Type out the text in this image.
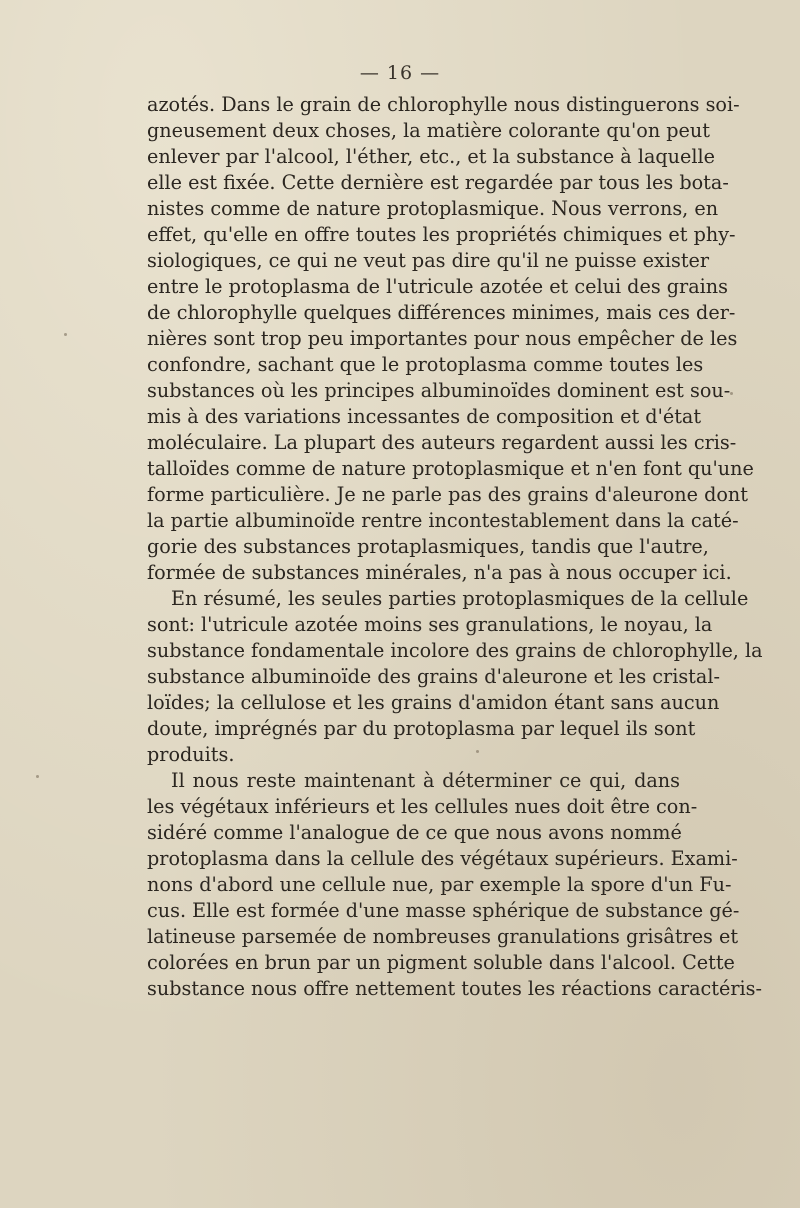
— 16 —
azotés. Dans le grain de chlorophylle nous distinguerons soi-
gneusement deux choses, la matière colorante qu'on peut
enlever par l'alcool, l'éther, etc., et la substance à laquelle
elle est fixée. Cette dernière est regardée par tous les bota-
nistes comme de nature protoplasmique. Nous verrons, en
effet, qu'elle en offre toutes les propriétés chimiques et phy-
siologiques, ce qui ne veut pas dire qu'il ne puisse exister
entre le protoplasma de l'utricule azotée et celui des grains
de chlorophylle quelques différences minimes, mais ces der-
nières sont trop peu importantes pour nous empêcher de les
confondre, sachant que le protoplasma comme toutes les
substances où les principes albuminoïdes dominent est sou-
mis à des variations incessantes de composition et d'état
moléculaire. La plupart des auteurs regardent aussi les cris-
talloïdes comme de nature protoplasmique et n'en font qu'une
forme particulière. Je ne parle pas des grains d'aleurone dont
la partie albuminoïde rentre incontestablement dans la caté-
gorie des substances protaplasmiques, tandis que l'autre,
formée de substances minérales, n'a pas à nous occuper ici.
En résumé, les seules parties protoplasmiques de la cellule
sont: l'utricule azotée moins ses granulations, le noyau, la
substance fondamentale incolore des grains de chlorophylle, la
substance albuminoïde des grains d'aleurone et les cristal-
loïdes; la cellulose et les grains d'amidon étant sans aucun
doute, imprégnés par du protoplasma par lequel ils sont
produits.
Il nous reste maintenant à déterminer ce qui, dans
les végétaux inférieurs et les cellules nues doit être con-
sidéré comme l'analogue de ce que nous avons nommé
protoplasma dans la cellule des végétaux supérieurs. Exami-
nons d'abord une cellule nue, par exemple la spore d'un Fu-
cus. Elle est formée d'une masse sphérique de substance gé-
latineuse parsemée de nombreuses granulations grisâtres et
colorées en brun par un pigment soluble dans l'alcool. Cette
substance nous offre nettement toutes les réactions caractéris-
